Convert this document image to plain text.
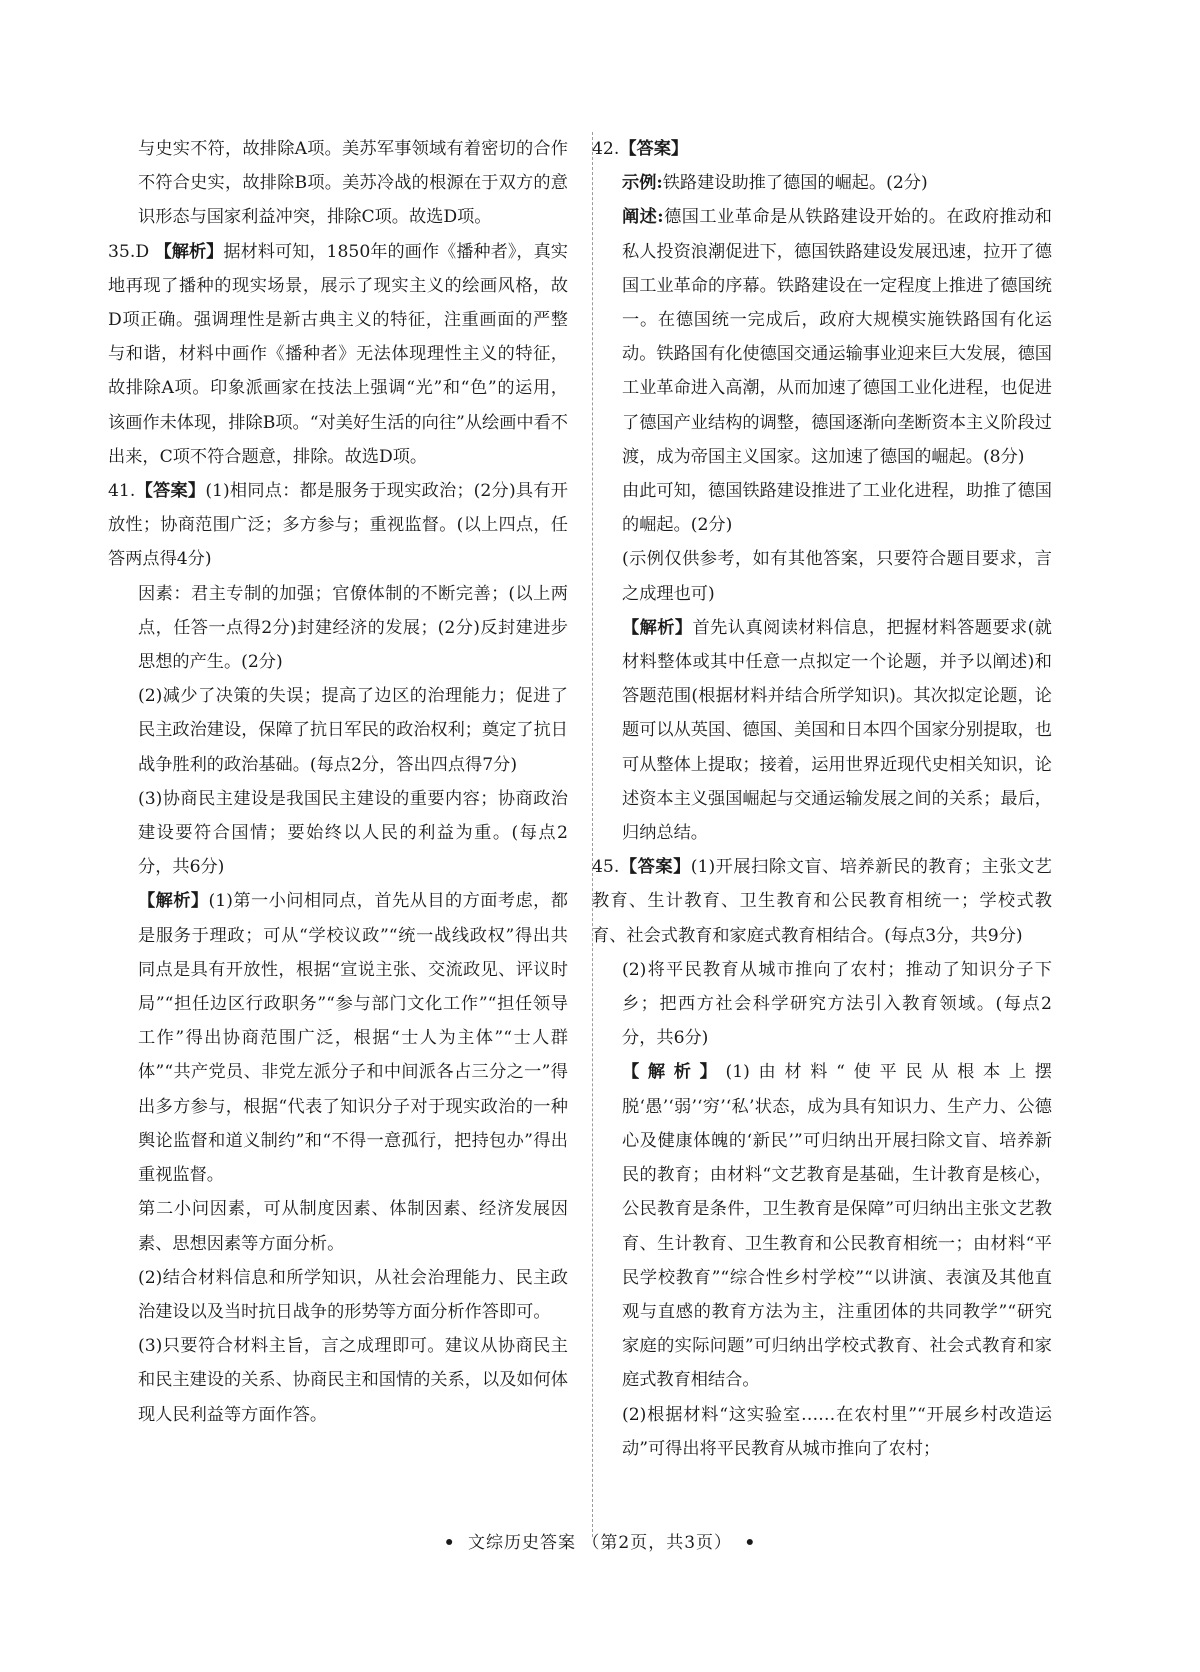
与史实不符，故排除A项。美苏军事领域有着密切的合作不符合史实，故排除B项。美苏冷战的根源在于双方的意识形态与国家利益冲突，排除C项。故选D项。

35.D 【解析】据材料可知，1850年的画作《播种者》，真实地再现了播种的现实场景，展示了现实主义的绘画风格，故D项正确。强调理性是新古典主义的特征，注重画面的严整与和谐，材料中画作《播种者》无法体现理性主义的特征，故排除A项。印象派画家在技法上强调“光”和“色”的运用，该画作未体现，排除B项。“对美好生活的向往”从绘画中看不出来，C项不符合题意，排除。故选D项。

41.【答案】(1)相同点：都是服务于现实政治；(2分)具有开放性；协商范围广泛；多方参与；重视监督。(以上四点，任答两点得4分)

因素：君主专制的加强；官僚体制的不断完善；(以上两点，任答一点得2分)封建经济的发展；(2分)反封建进步思想的产生。(2分)

(2)减少了决策的失误；提高了边区的治理能力；促进了民主政治建设，保障了抗日军民的政治权利；奠定了抗日战争胜利的政治基础。(每点2分，答出四点得7分)

(3)协商民主建设是我国民主建设的重要内容；协商政治建设要符合国情；要始终以人民的利益为重。(每点2分，共6分)

【解析】(1)第一小问相同点，首先从目的方面考虑，都是服务于理政；可从“学校议政”“统一战线政权”得出共同点是具有开放性，根据“宣说主张、交流政见、评议时局”“担任边区行政职务”“参与部门文化工作”“担任领导工作”得出协商范围广泛，根据“士人为主体”“士人群体”“共产党员、非党左派分子和中间派各占三分之一”得出多方参与，根据“代表了知识分子对于现实政治的一种舆论监督和道义制约”和“不得一意孤行，把持包办”得出重视监督。

第二小问因素，可从制度因素、体制因素、经济发展因素、思想因素等方面分析。

(2)结合材料信息和所学知识，从社会治理能力、民主政治建设以及当时抗日战争的形势等方面分析作答即可。

(3)只要符合材料主旨，言之成理即可。建议从协商民主和民主建设的关系、协商民主和国情的关系，以及如何体现人民利益等方面作答。

42.【答案】

示例:铁路建设助推了德国的崛起。(2分)

阐述:德国工业革命是从铁路建设开始的。在政府推动和私人投资浪潮促进下，德国铁路建设发展迅速，拉开了德国工业革命的序幕。铁路建设在一定程度上推进了德国统一。在德国统一完成后，政府大规模实施铁路国有化运动。铁路国有化使德国交通运输事业迎来巨大发展，德国工业革命进入高潮，从而加速了德国工业化进程，也促进了德国产业结构的调整，德国逐渐向垄断资本主义阶段过渡，成为帝国主义国家。这加速了德国的崛起。(8分)

由此可知，德国铁路建设推进了工业化进程，助推了德国的崛起。(2分)

(示例仅供参考，如有其他答案，只要符合题目要求，言之成理也可)

【解析】首先认真阅读材料信息，把握材料答题要求(就材料整体或其中任意一点拟定一个论题，并予以阐述)和答题范围(根据材料并结合所学知识)。其次拟定论题，论题可以从英国、德国、美国和日本四个国家分别提取，也可从整体上提取；接着，运用世界近现代史相关知识，论述资本主义强国崛起与交通运输发展之间的关系；最后，归纳总结。

45.【答案】(1)开展扫除文盲、培养新民的教育；主张文艺教育、生计教育、卫生教育和公民教育相统一；学校式教育、社会式教育和家庭式教育相结合。(每点3分，共9分)

(2)将平民教育从城市推向了农村；推动了知识分子下乡；把西方社会科学研究方法引入教育领域。(每点2分，共6分)

【解析】(1)由材料“使平民从根本上摆脱‘愚’‘弱’‘穷’‘私’状态，成为具有知识力、生产力、公德心及健康体魄的‘新民’”可归纳出开展扫除文盲、培养新民的教育；由材料“文艺教育是基础，生计教育是核心，公民教育是条件，卫生教育是保障”可归纳出主张文艺教育、生计教育、卫生教育和公民教育相统一；由材料“平民学校教育”“综合性乡村学校”“以讲演、表演及其他直观与直感的教育方法为主，注重团体的共同教学”“研究家庭的实际问题”可归纳出学校式教育、社会式教育和家庭式教育相结合。

(2)根据材料“这实验室……在农村里”“开展乡村改造运动”可得出将平民教育从城市推向了农村；

• 文综历史答案 （第2页，共3页） •
